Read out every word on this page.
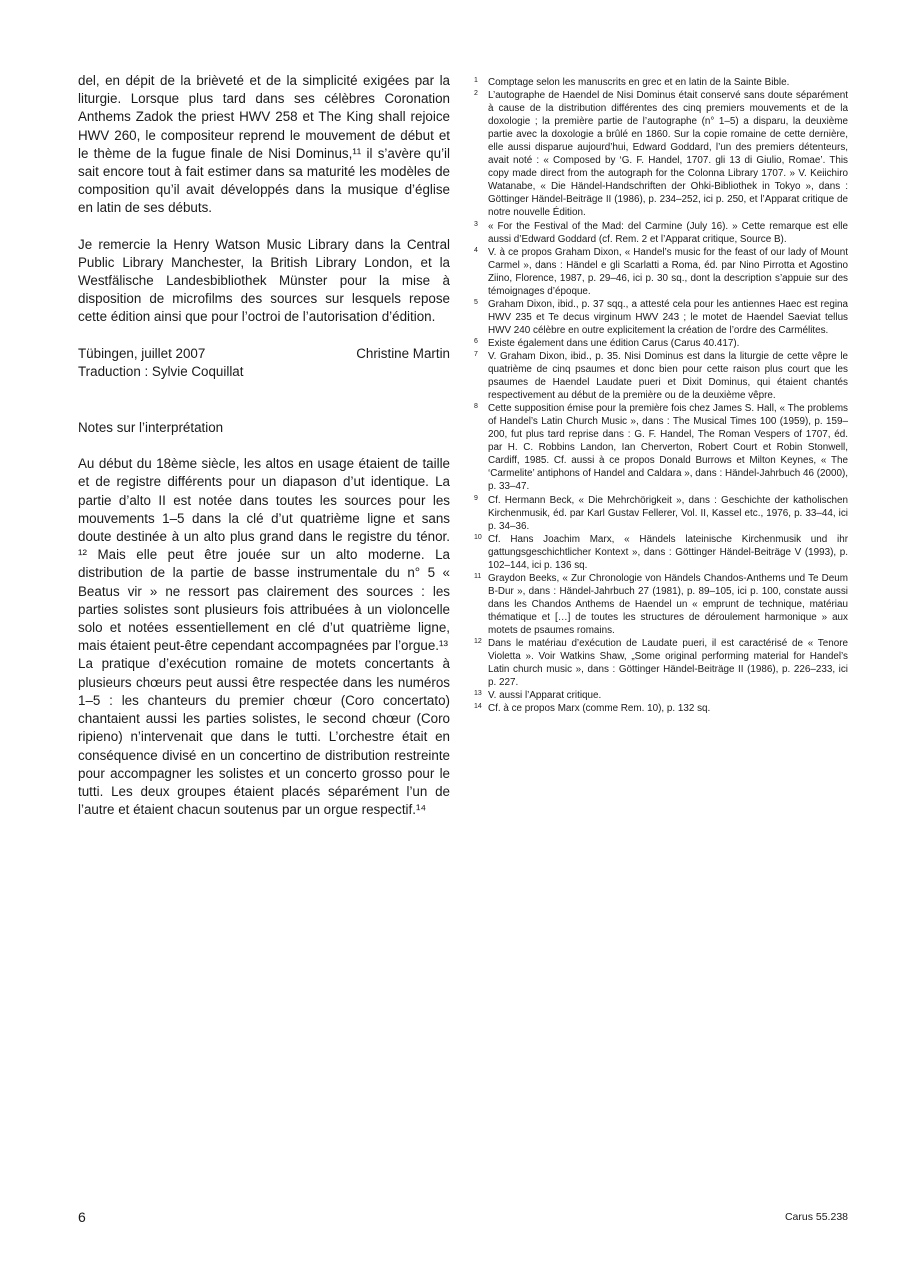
del, en dépit de la brièveté et de la simplicité exigées par la liturgie. Lorsque plus tard dans ses célèbres Coronation Anthems Zadok the priest HWV 258 et The King shall rejoice HWV 260, le compositeur reprend le mouvement de début et le thème de la fugue finale de Nisi Dominus,¹¹ il s’avère qu’il sait encore tout à fait estimer dans sa maturité les modèles de composition qu’il avait développés dans la musique d’église en latin de ses débuts.

Je remercie la Henry Watson Music Library dans la Central Public Library Manchester, la British Library London, et la Westfälische Landesbibliothek Münster pour la mise à disposition de microfilms des sources sur lesquels repose cette édition ainsi que pour l’octroi de l’autorisation d’édition.

Tübingen, juillet 2007	Christine Martin

Traduction : Sylvie Coquillat

Notes sur l’interprétation

Au début du 18ème siècle, les altos en usage étaient de taille et de registre différents pour un diapason d’ut identique. La partie d’alto II est notée dans toutes les sources pour les mouvements 1–5 dans la clé d’ut quatrième ligne et sans doute destinée à un alto plus grand dans le registre du ténor. ¹² Mais elle peut être jouée sur un alto moderne. La distribution de la partie de basse instrumentale du n° 5 « Beatus vir » ne ressort pas clairement des sources : les parties solistes sont plusieurs fois attribuées à un violoncelle solo et notées essentiellement en clé d’ut quatrième ligne, mais étaient peut-être cependant accompagnées par l’orgue.¹³

La pratique d’exécution romaine de motets concertants à plusieurs chœurs peut aussi être respectée dans les numéros 1–5 : les chanteurs du premier chœur (Coro concertato) chantaient aussi les parties solistes, le second chœur (Coro ripieno) n’intervenait que dans le tutti. L’orchestre était en conséquence divisé en un concertino de distribution restreinte pour accompagner les solistes et un concerto grosso pour le tutti. Les deux groupes étaient placés séparément l’un de l’autre et étaient chacun soutenus par un orgue respectif.¹⁴

1 Comptage selon les manuscrits en grec et en latin de la Sainte Bible.
2 L’autographe de Haendel de Nisi Dominus était conservé sans doute séparément à cause de la distribution différentes des cinq premiers mouvements et de la doxologie ; la première partie de l’autographe (n° 1–5) a disparu, la deuxième partie avec la doxologie a brûlé en 1860. Sur la copie romaine de cette dernière, elle aussi disparue aujourd’hui, Edward Goddard, l’un des premiers détenteurs, avait noté : « Composed by ‘G. F. Handel, 1707. gli 13 di Giulio, Romae’. This copy made direct from the autograph for the Colonna Library 1707. » V. Keiichiro Watanabe, « Die Händel-Handschriften der Ohki-Bibliothek in Tokyo », dans : Göttinger Händel-Beiträge II (1986), p. 234–252, ici p. 250, et l’Apparat critique de notre nouvelle Édition.
3 « For the Festival of the Mad: del Carmine (July 16). » Cette remarque est elle aussi d’Edward Goddard (cf. Rem. 2 et l’Apparat critique, Source B).
4 V. à ce propos Graham Dixon, « Handel’s music for the feast of our lady of Mount Carmel », dans : Händel e gli Scarlatti a Roma, éd. par Nino Pirrotta et Agostino Ziino, Florence, 1987, p. 29–46, ici p. 30 sq., dont la description s’appuie sur des témoignages d’époque.
5 Graham Dixon, ibid., p. 37 sqq., a attesté cela pour les antiennes Haec est regina HWV 235 et Te decus virginum HWV 243 ; le motet de Haendel Saeviat tellus HWV 240 célèbre en outre explicitement la création de l’ordre des Carmélites.
6 Existe également dans une édition Carus (Carus 40.417).
7 V. Graham Dixon, ibid., p. 35. Nisi Dominus est dans la liturgie de cette vêpre le quatrième de cinq psaumes et donc bien pour cette raison plus court que les psaumes de Haendel Laudate pueri et Dixit Dominus, qui étaient chantés respectivement au début de la première ou de la deuxième vêpre.
8 Cette supposition émise pour la première fois chez James S. Hall, « The problems of Handel’s Latin Church Music », dans : The Musical Times 100 (1959), p. 159–200, fut plus tard reprise dans : G. F. Handel, The Roman Vespers of 1707, éd. par H. C. Robbins Landon, Ian Cherverton, Robert Court et Robin Stonwell, Cardiff, 1985. Cf. aussi à ce propos Donald Burrows et Milton Keynes, « The ‘Carmelite’ antiphons of Handel and Caldara », dans : Händel-Jahrbuch 46 (2000), p. 33–47.
9 Cf. Hermann Beck, « Die Mehrchörigkeit », dans : Geschichte der katholischen Kirchenmusik, éd. par Karl Gustav Fellerer, Vol. II, Kassel etc., 1976, p. 33–44, ici p. 34–36.
10 Cf. Hans Joachim Marx, « Händels lateinische Kirchenmusik und ihr gattungsgeschichtlicher Kontext », dans : Göttinger Händel-Beiträge V (1993), p. 102–144, ici p. 136 sq.
11 Graydon Beeks, « Zur Chronologie von Händels Chandos-Anthems und Te Deum B-Dur », dans : Händel-Jahrbuch 27 (1981), p. 89–105, ici p. 100, constate aussi dans les Chandos Anthems de Haendel un « emprunt de technique, matériau thématique et […] de toutes les structures de déroulement harmonique » aux motets de psaumes romains.
12 Dans le matériau d’exécution de Laudate pueri, il est caractérisé de « Tenore Violetta ». Voir Watkins Shaw, „Some original performing material for Handel’s Latin church music », dans : Göttinger Händel-Beiträge II (1986), p. 226–233, ici p. 227.
13 V. aussi l’Apparat critique.
14 Cf. à ce propos Marx (comme Rem. 10), p. 132 sq.
6	Carus 55.238
